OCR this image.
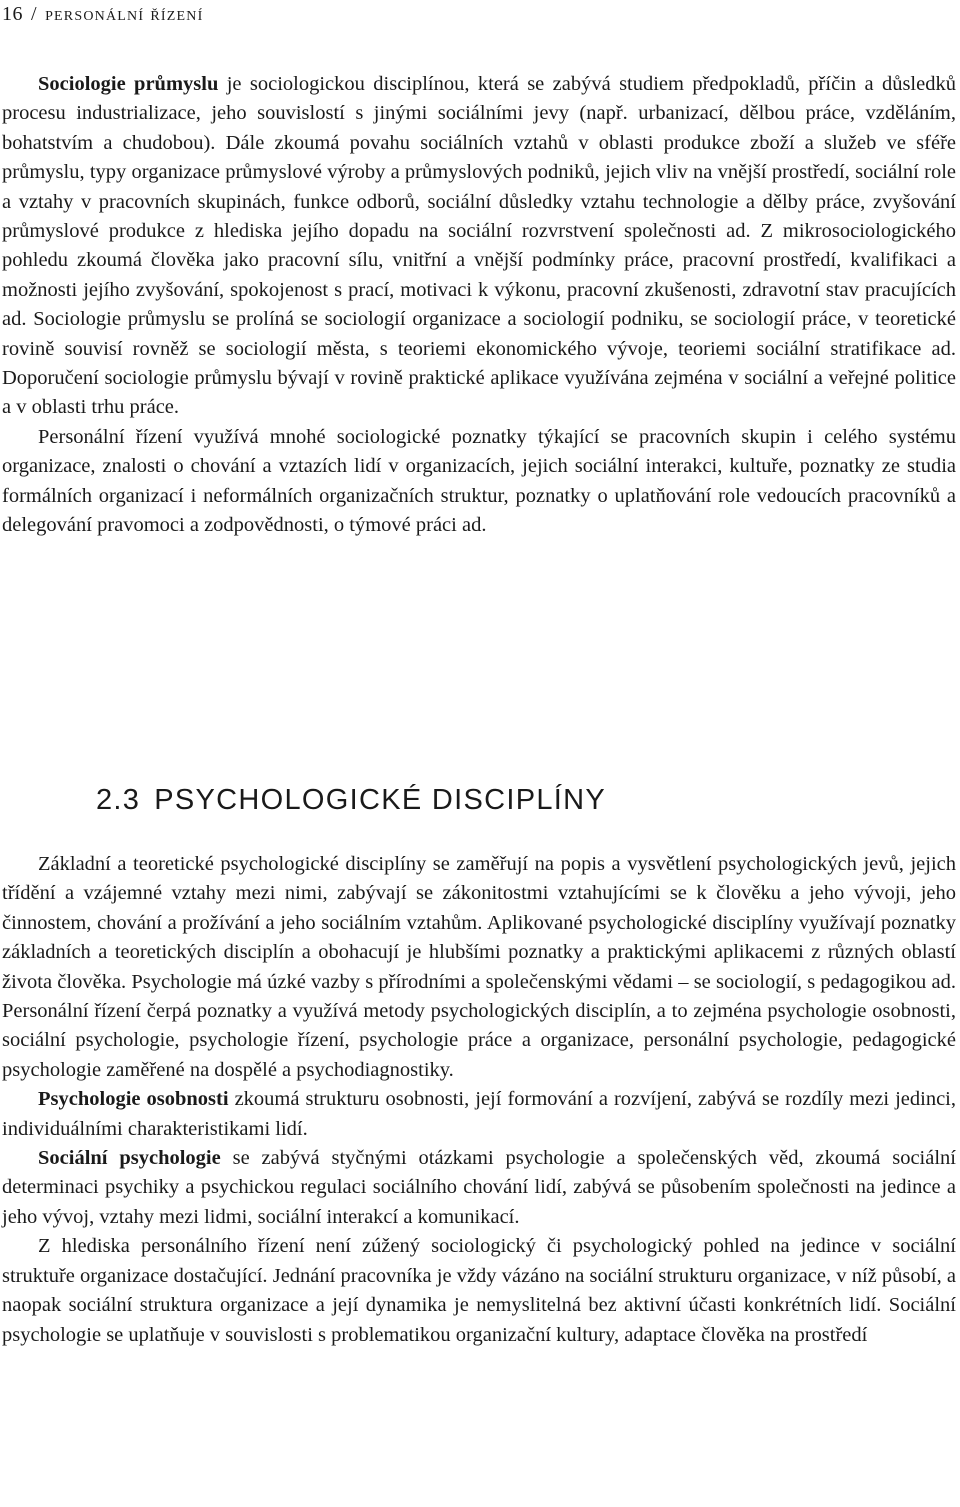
16 / personální řízení

Sociologie průmyslu je sociologickou disciplínou, která se zabývá studiem předpokladů, příčin a důsledků procesu industrializace, jeho souvislostí s jinými sociálními jevy (např. urbanizací, dělbou práce, vzděláním, bohatstvím a chudobou). Dále zkoumá povahu sociálních vztahů v oblasti produkce zboží a služeb ve sféře průmyslu, typy organizace průmyslové výroby a průmyslových podniků, jejich vliv na vnější prostředí, sociální role a vztahy v pracovních skupinách, funkce odborů, sociální důsledky vztahu technologie a dělby práce, zvyšování průmyslové produkce z hlediska jejího dopadu na sociální rozvrstvení společnosti ad. Z mikrosociologického pohledu zkoumá člověka jako pracovní sílu, vnitřní a vnější podmínky práce, pracovní prostředí, kvalifikaci a možnosti jejího zvyšování, spokojenost s prací, motivaci k výkonu, pracovní zkušenosti, zdravotní stav pracujících ad. Sociologie průmyslu se prolíná se sociologií organizace a sociologií podniku, se sociologií práce, v teoretické rovině souvisí rovněž se sociologií města, s teoriemi ekonomického vývoje, teoriemi sociální stratifikace ad. Doporučení sociologie průmyslu bývají v rovině praktické aplikace využívána zejména v sociální a veřejné politice a v oblasti trhu práce.

Personální řízení využívá mnohé sociologické poznatky týkající se pracovních skupin i celého systému organizace, znalosti o chování a vztazích lidí v organizacích, jejich sociální interakci, kultuře, poznatky ze studia formálních organizací i neformálních organizačních struktur, poznatky o uplatňování role vedoucích pracovníků a delegování pravomoci a zodpovědnosti, o týmové práci ad.

2.3 PSYCHOLOGICKÉ DISCIPLÍNY

Základní a teoretické psychologické disciplíny se zaměřují na popis a vysvětlení psychologických jevů, jejich třídění a vzájemné vztahy mezi nimi, zabývají se zákonitostmi vztahujícími se k člověku a jeho vývoji, jeho činnostem, chování a prožívání a jeho sociálním vztahům. Aplikované psychologické disciplíny využívají poznatky základních a teoretických disciplín a obohacují je hlubšími poznatky a praktickými aplikacemi z různých oblastí života člověka. Psychologie má úzké vazby s přírodními a společenskými vědami – se sociologií, s pedagogikou ad. Personální řízení čerpá poznatky a využívá metody psychologických disciplín, a to zejména psychologie osobnosti, sociální psychologie, psychologie řízení, psychologie práce a organizace, personální psychologie, pedagogické psychologie zaměřené na dospělé a psychodiagnostiky.

Psychologie osobnosti zkoumá strukturu osobnosti, její formování a rozvíjení, zabývá se rozdíly mezi jedinci, individuálními charakteristikami lidí.

Sociální psychologie se zabývá styčnými otázkami psychologie a společenských věd, zkoumá sociální determinaci psychiky a psychickou regulaci sociálního chování lidí, zabývá se působením společnosti na jedince a jeho vývoj, vztahy mezi lidmi, sociální interakcí a komunikací.

Z hlediska personálního řízení není zúžený sociologický či psychologický pohled na jedince v sociální struktuře organizace dostačující. Jednání pracovníka je vždy vázáno na sociální strukturu organizace, v níž působí, a naopak sociální struktura organizace a její dynamika je nemyslitelná bez aktivní účasti konkrétních lidí. Sociální psychologie se uplatňuje v souvislosti s problematikou organizační kultury, adaptace člověka na prostředí
